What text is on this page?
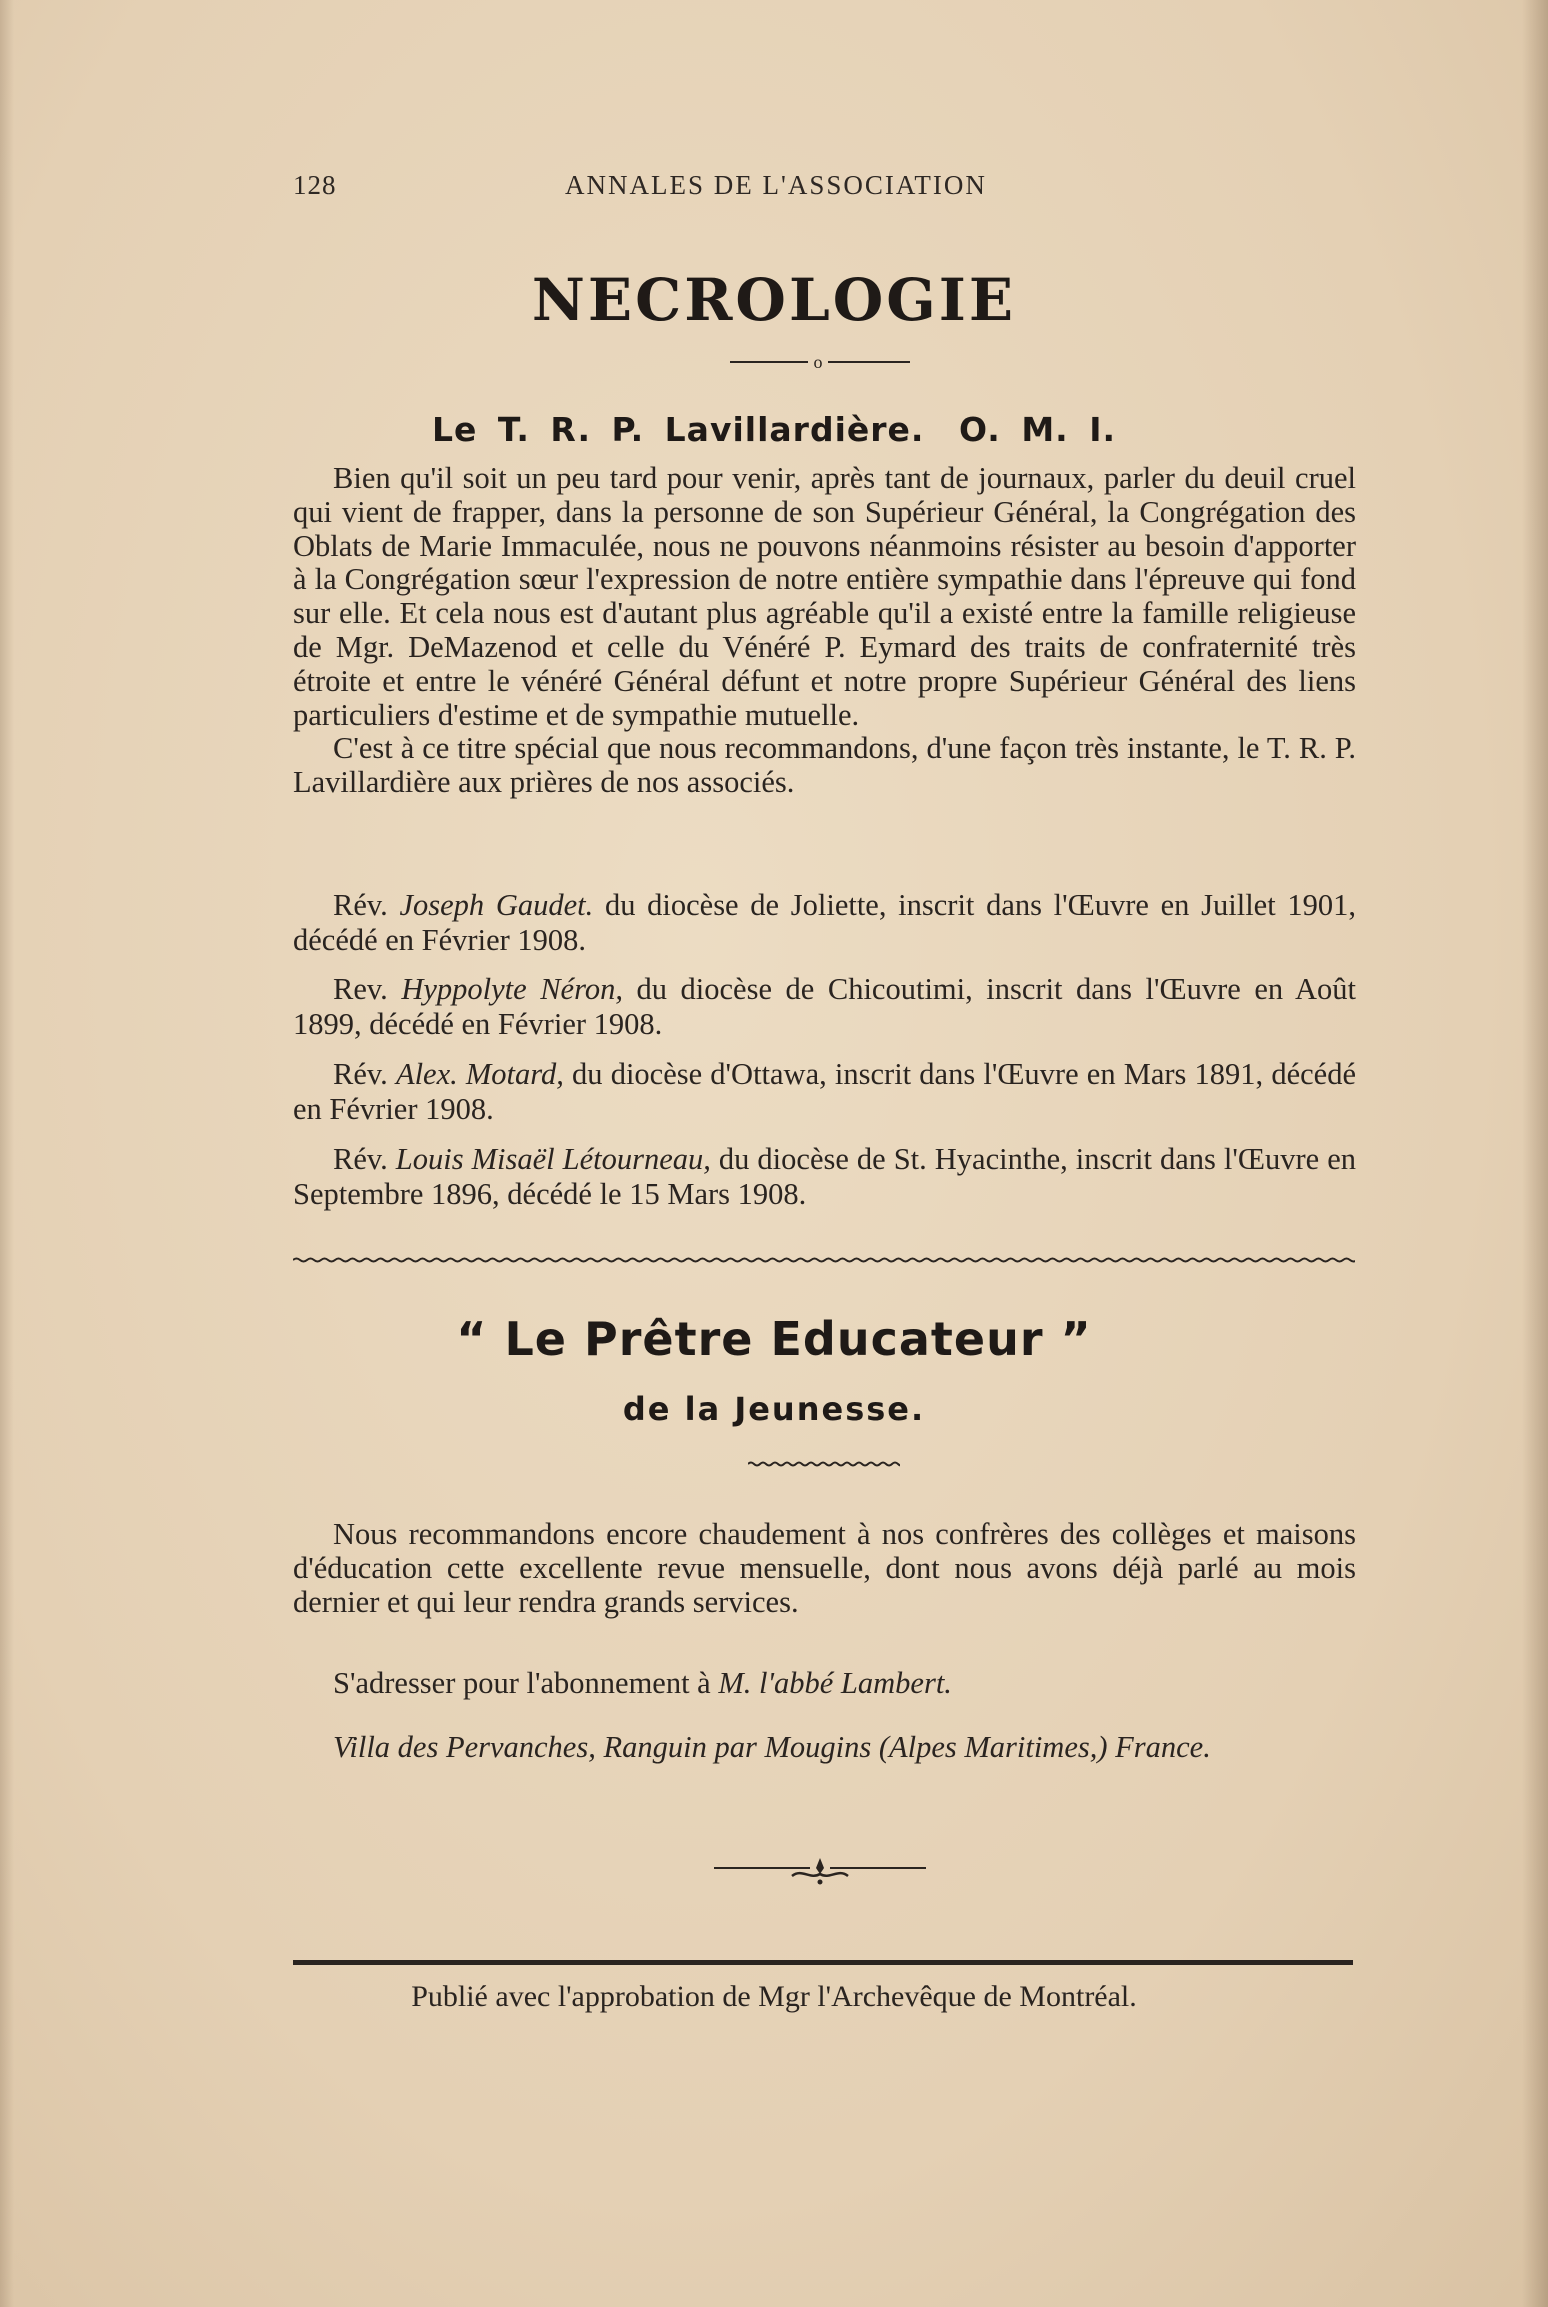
128	ANNALES DE L'ASSOCIATION
NECROLOGIE
o
Le T. R. P. Lavillardière. O. M. I.

Bien qu'il soit un peu tard pour venir, après tant de journaux, parler du deuil cruel qui vient de frapper, dans la personne de son Supérieur Général, la Congrégation des Oblats de Marie Immaculée, nous ne pouvons néanmoins résister au besoin d'apporter à la Congrégation sœur l'expression de notre entière sympathie dans l'épreuve qui fond sur elle. Et cela nous est d'autant plus agréable qu'il a existé entre la famille religieuse de Mgr. DeMazenod et celle du Vénéré P. Eymard des traits de confraternité très étroite et entre le vénéré Général défunt et notre propre Supérieur Général des liens particuliers d'estime et de sympathie mutuelle.

C'est à ce titre spécial que nous recommandons, d'une façon très instante, le T. R. P. Lavillardière aux prières de nos associés.

Rév. Joseph Gaudet. du diocèse de Joliette, inscrit dans l'Œuvre en Juillet 1901, décédé en Février 1908.
Rev. Hyppolyte Néron, du diocèse de Chicoutimi, inscrit dans l'Œuvre en Août 1899, décédé en Février 1908.
Rév. Alex. Motard, du diocèse d'Ottawa, inscrit dans l'Œuvre en Mars 1891, décédé en Février 1908.
Rév. Louis Misaël Létourneau, du diocèse de St. Hyacinthe, inscrit dans l'Œuvre en Septembre 1896, décédé le 15 Mars 1908.
“ Le Prêtre Educateur ”
de la Jeunesse.

Nous recommandons encore chaudement à nos confrères des collèges et maisons d'éducation cette excellente revue mensuelle, dont nous avons déjà parlé au mois dernier et qui leur rendra grands services.

S'adresser pour l'abonnement à M. l'abbé Lambert.
Villa des Pervanches, Ranguin par Mougins (Alpes Maritimes,) France.
Publié avec l'approbation de Mgr l'Archevêque de Montréal.
